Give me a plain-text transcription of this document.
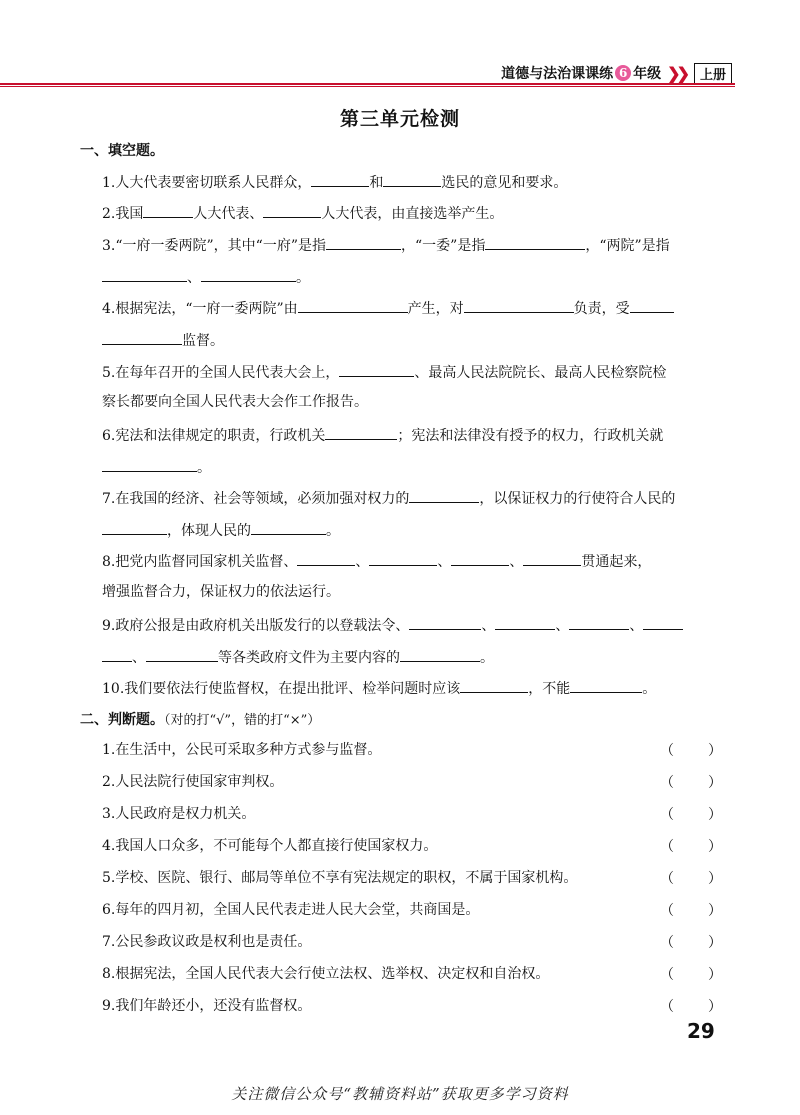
道德与法治课课练 6 年级 ❯❯	上册
第三单元检测
一、填空题。
1.人大代表要密切联系人民群众，	和	选民的意见和要求。
2.我国	人大代表、	人大代表，由直接选举产生。
3.“一府一委两院”，其中“一府”是指	，“一委”是指	，“两院”是指
、	。
4.根据宪法，“一府一委两院”由	产生，对	负责，受
监督。
5.在每年召开的全国人民代表大会上，	、最高人民法院院长、最高人民检察院检
察长都要向全国人民代表大会作工作报告。
6.宪法和法律规定的职责，行政机关	；宪法和法律没有授予的权力，行政机关就
。
7.在我国的经济、社会等领域，必须加强对权力的	，以保证权力的行使符合人民的
，体现人民的	。
8.把党内监督同国家机关监督、	、	、	、	贯通起来，
增强监督合力，保证权力的依法运行。
9.政府公报是由政府机关出版发行的以登载法令、	、	、	、
、	等各类政府文件为主要内容的	。
10.我们要依法行使监督权，在提出批评、检举问题时应该	，不能	。
二、判断题。（对的打“√”，错的打“×”）
1.在生活中，公民可采取多种方式参与监督。	（ ）
2.人民法院行使国家审判权。	（ ）
3.人民政府是权力机关。	（ ）
4.我国人口众多，不可能每个人都直接行使国家权力。	（ ）
5.学校、医院、银行、邮局等单位不享有宪法规定的职权，不属于国家机构。	（ ）
6.每年的四月初，全国人民代表走进人民大会堂，共商国是。	（ ）
7.公民参政议政是权利也是责任。	（ ）
8.根据宪法，全国人民代表大会行使立法权、选举权、决定权和自治权。	（ ）
9.我们年龄还小，还没有监督权。	（ ）
29
关注微信公众号“教辅资料站”获取更多学习资料
